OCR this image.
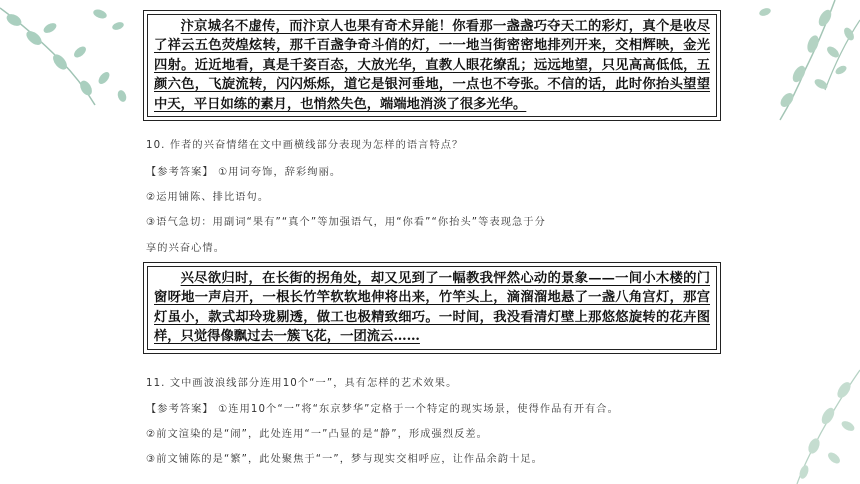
汴京城名不虚传，而汴京人也果有奇术异能！你看那一盏盏巧夺天工的彩灯，真个是收尽了祥云五色荧煌炫转，那千百盏争奇斗俏的灯，一一地当街密密地排列开来，交相辉映，金光四射。近近地看，真是千姿百态，大放光华，直教人眼花缭乱；远远地望，只见高高低低，五颜六色，飞旋流转，闪闪烁烁，道它是银河垂地，一点也不夸张。不信的话，此时你抬头望望中天，平日如练的素月，也悄然失色，端端地消淡了很多光华。
10. 作者的兴奋情绪在文中画横线部分表现为怎样的语言特点？
【参考答案】 ①用词夸饰，辞彩绚丽。
②运用铺陈、排比语句。
③语气急切：用副词“果有”“真个”等加强语气，用“你看”“你抬头”等表现急于分
享的兴奋心情。
兴尽欲归时，在长街的拐角处，却又见到了一幅教我怦然心动的景象——一间小木楼的门窗呀地一声启开，一根长竹竿软软地伸将出来，竹竿头上，滴溜溜地悬了一盏八角宫灯，那宫灯虽小，款式却玲珑剔透，做工也极精致细巧。一时间，我没看清灯壁上那悠悠旋转的花卉图样，只觉得像飘过去一簇飞花，一团流云……
11. 文中画波浪线部分连用10个“一”，具有怎样的艺术效果。
【参考答案】 ①连用10个“一”将“东京梦华”定格于一个特定的现实场景，使得作品有开有合。
②前文渲染的是“闹”，此处连用“一”凸显的是“静”，形成强烈反差。
③前文铺陈的是“繁”，此处聚焦于“一”，梦与现实交相呼应，让作品余韵十足。
